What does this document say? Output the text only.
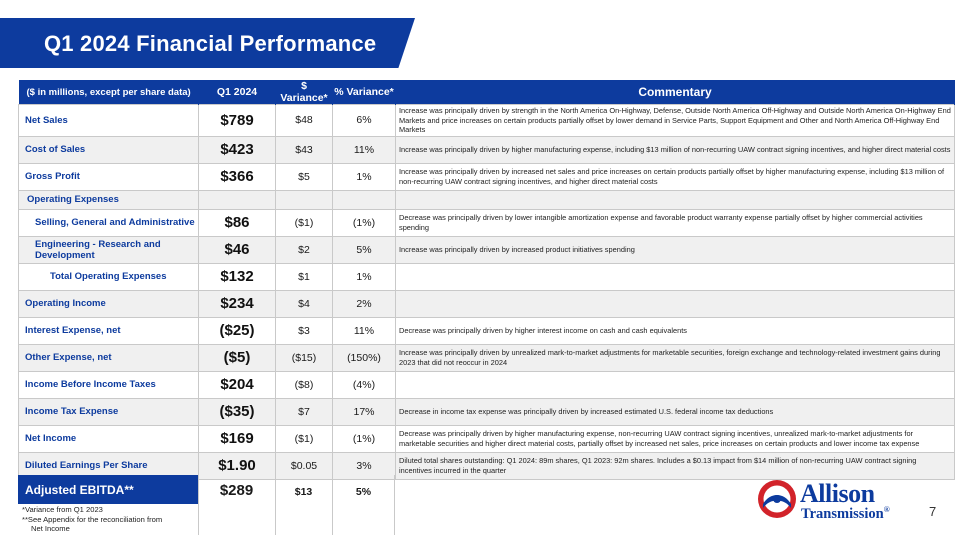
Q1 2024 Financial Performance
($ in millions, except per share data)	Q1 2024	$ Variance*	% Variance*	Commentary
Net Sales	$789	$48	6%	Increase was principally driven by strength in the North America On-Highway, Defense, Outside North America Off-Highway and Outside North America On-Highway End Markets and price increases on certain products partially offset by lower demand in Service Parts, Support Equipment and Other and North America Off-Highway End Markets
Cost of Sales	$423	$43	11%	Increase was principally driven by higher manufacturing expense, including $13 million of non-recurring UAW contract signing incentives, and higher direct material costs
Gross Profit	$366	$5	1%	Increase was principally driven by increased net sales and price increases on certain products partially offset by higher manufacturing expense, including $13 million of non-recurring UAW contract signing incentives, and higher direct material costs
Operating Expenses				
Selling, General and Administrative	$86	($1)	(1%)	Decrease was principally driven by lower intangible amortization expense and favorable product warranty expense partially offset by higher commercial activities spending
Engineering - Research and Development	$46	$2	5%	Increase was principally driven by increased product initiatives spending
Total Operating Expenses	$132	$1	1%	
Operating Income	$234	$4	2%	
Interest Expense, net	($25)	$3	11%	Decrease was principally driven by higher interest income on cash and cash equivalents
Other Expense, net	($5)	($15)	(150%)	Increase was principally driven by unrealized mark-to-market adjustments for marketable securities, foreign exchange and technology-related investment gains during 2023 that did not reoccur in 2024
Income Before Income Taxes	$204	($8)	(4%)	
Income Tax Expense	($35)	$7	17%	Decrease in income tax expense was principally driven by increased estimated U.S. federal income tax deductions
Net Income	$169	($1)	(1%)	Decrease was principally driven by higher manufacturing expense, non-recurring UAW contract signing incentives, unrealized mark-to-market adjustments for marketable securities and higher direct material costs, partially offset by increased net sales, price increases on certain products and lower income tax expense
Diluted Earnings Per Share	$1.90	$0.05	3%	Diluted total shares outstanding: Q1 2024: 89m shares, Q1 2023: 92m shares. Includes a $0.13 impact from $14 million of non-recurring UAW contract signing incentives incurred in the quarter
Adjusted EBITDA**	$289	$13	5%
*Variance from Q1 2023
**See Appendix for the reconciliation from
Net Income
Allison
Transmission®	7
